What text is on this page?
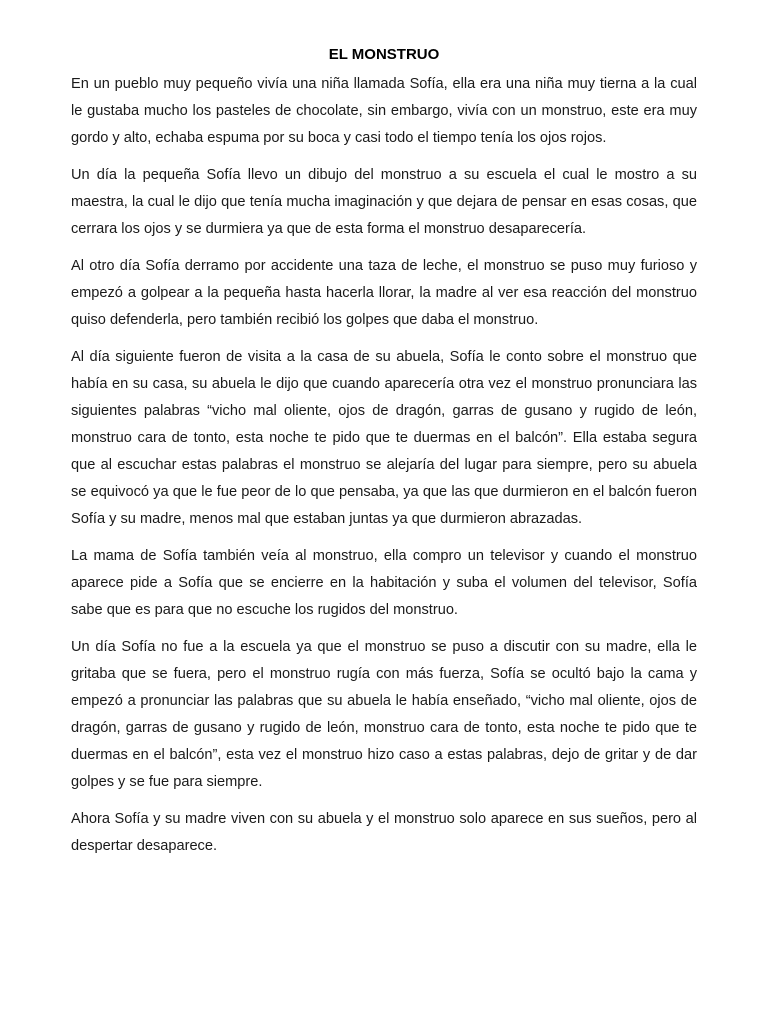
EL MONSTRUO

En un pueblo muy pequeño vivía una niña llamada Sofía, ella era una niña muy tierna a la cual le gustaba mucho los pasteles de chocolate, sin embargo, vivía con un monstruo, este era muy gordo y alto, echaba espuma por su boca y casi todo el tiempo tenía los ojos rojos.

Un día la pequeña Sofía llevo un dibujo del monstruo a su escuela el cual le mostro a su maestra, la cual le dijo que tenía mucha imaginación y que dejara de pensar en esas cosas, que cerrara los ojos y se durmiera ya que de esta forma el monstruo desaparecería.

Al otro día Sofía derramo por accidente una taza de leche, el monstruo se puso muy furioso y empezó a golpear a la pequeña hasta hacerla llorar, la madre al ver esa reacción del monstruo quiso defenderla, pero también recibió los golpes que daba el monstruo.

Al día siguiente fueron de visita a la casa de su abuela, Sofía le conto sobre el monstruo que había en su casa, su abuela le dijo que cuando aparecería otra vez el monstruo pronunciara las siguientes palabras “vicho mal oliente, ojos de dragón, garras de gusano y rugido de león, monstruo cara de tonto, esta noche te pido que te duermas en el balcón”. Ella estaba segura que al escuchar estas palabras el monstruo se alejaría del lugar para siempre, pero su abuela se equivocó ya que le fue peor de lo que pensaba, ya que las que durmieron en el balcón fueron Sofía y su madre, menos mal que estaban juntas ya que durmieron abrazadas.

La mama de Sofía también veía al monstruo, ella compro un televisor y cuando el monstruo aparece pide a Sofía que se encierre en la habitación y suba el volumen del televisor, Sofía sabe que es para que no escuche los rugidos del monstruo.

Un día Sofía no fue a la escuela ya que el monstruo se puso a discutir con su madre, ella le gritaba que se fuera, pero el monstruo rugía con más fuerza, Sofía se ocultó bajo la cama y empezó a pronunciar las palabras que su abuela le había enseñado, “vicho mal oliente, ojos de dragón, garras de gusano y rugido de león, monstruo cara de tonto, esta noche te pido que te duermas en el balcón”, esta vez el monstruo hizo caso a estas palabras, dejo de gritar y de dar golpes y se fue para siempre.

Ahora Sofía y su madre viven con su abuela y el monstruo solo aparece en sus sueños, pero al despertar desaparece.
